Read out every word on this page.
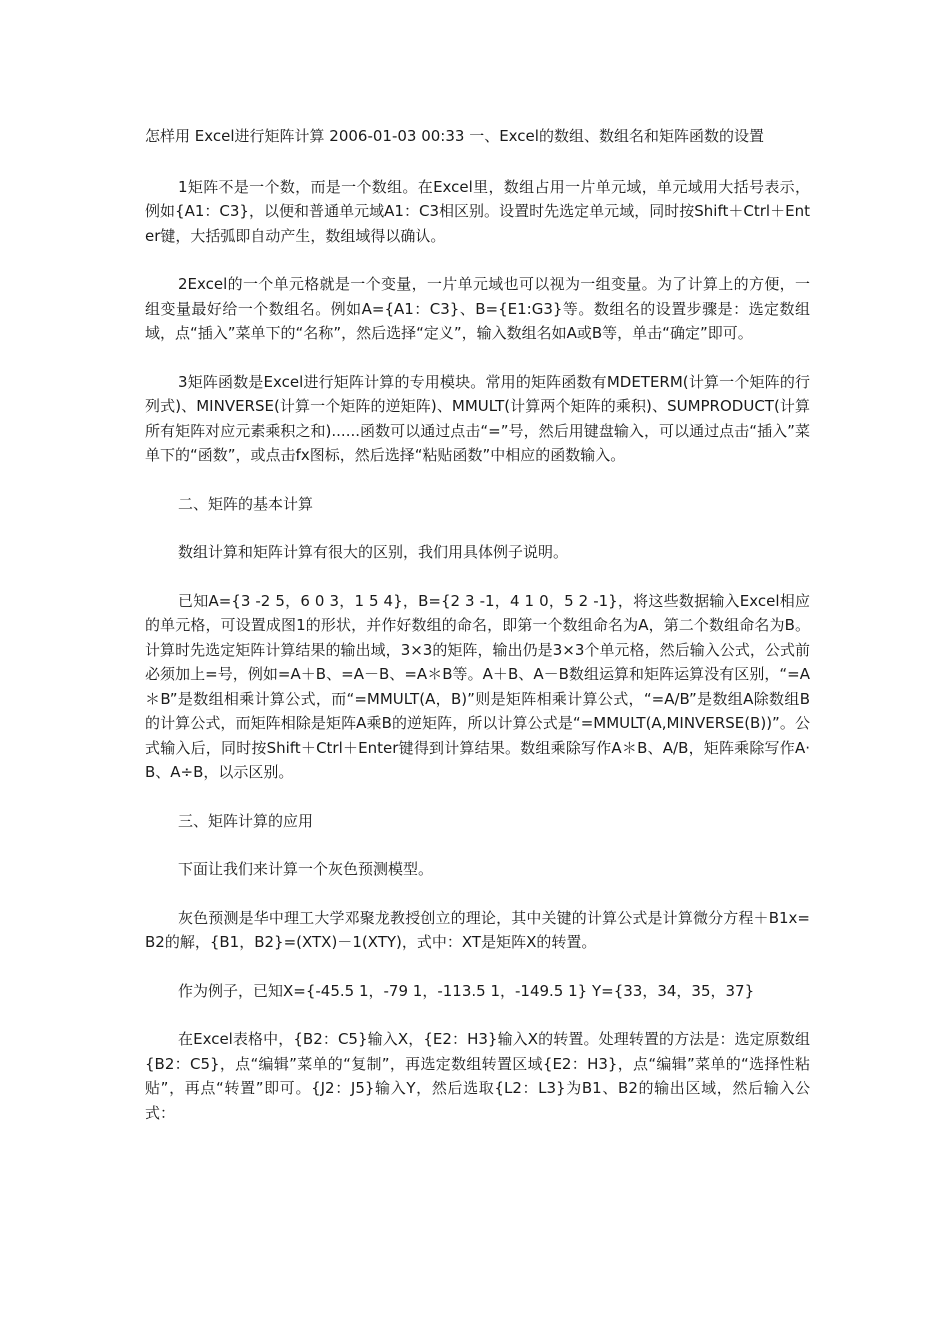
怎样用 Excel进行矩阵计算 2006-01-03 00:33 一、Excel的数组、数组名和矩阵函数的设置

1矩阵不是一个数，而是一个数组。在Excel里，数组占用一片单元域，单元域用大括号表示，例如{A1：C3}，以便和普通单元域A1：C3相区别。设置时先选定单元域，同时按Shift＋Ctrl＋Enter键，大括弧即自动产生，数组域得以确认。

2Excel的一个单元格就是一个变量，一片单元域也可以视为一组变量。为了计算上的方便，一组变量最好给一个数组名。例如A={A1：C3}、B={E1:G3}等。数组名的设置步骤是：选定数组域，点“插入”菜单下的“名称”，然后选择“定义”，输入数组名如A或B等，单击“确定”即可。

3矩阵函数是Excel进行矩阵计算的专用模块。常用的矩阵函数有MDETERM(计算一个矩阵的行列式)、MINVERSE(计算一个矩阵的逆矩阵)、MMULT(计算两个矩阵的乘积)、SUMPRODUCT(计算所有矩阵对应元素乘积之和)......函数可以通过点击“=”号，然后用键盘输入，可以通过点击“插入”菜单下的“函数”，或点击fx图标，然后选择“粘贴函数”中相应的函数输入。

二、矩阵的基本计算

数组计算和矩阵计算有很大的区别，我们用具体例子说明。

已知A={3 -2 5，6 0 3，1 5 4}，B={2 3 -1，4 1 0，5 2 -1}，将这些数据输入Excel相应的单元格，可设置成图1的形状，并作好数组的命名，即第一个数组命名为A，第二个数组命名为B。计算时先选定矩阵计算结果的输出域，3×3的矩阵，输出仍是3×3个单元格，然后输入公式，公式前必须加上=号，例如=A＋B、=A－B、=A＊B等。A＋B、A－B数组运算和矩阵运算没有区别，“=A＊B”是数组相乘计算公式，而“=MMULT(A，B)”则是矩阵相乘计算公式，“=A/B”是数组A除数组B的计算公式，而矩阵相除是矩阵A乘B的逆矩阵，所以计算公式是“=MMULT(A,MINVERSE(B))”。公式输入后，同时按Shift＋Ctrl＋Enter键得到计算结果。数组乘除写作A＊B、A/B，矩阵乘除写作A·B、A÷B，以示区别。

三、矩阵计算的应用

下面让我们来计算一个灰色预测模型。

灰色预测是华中理工大学邓聚龙教授创立的理论，其中关键的计算公式是计算微分方程＋B1x=B2的解，{B1，B2}=(XTX)－1(XTY)，式中：XT是矩阵X的转置。

作为例子，已知X={-45.5 1，-79 1，-113.5 1，-149.5 1} Y={33，34，35，37}

在Excel表格中，{B2：C5}输入X，{E2：H3}输入X的转置。处理转置的方法是：选定原数组{B2：C5}，点“编辑”菜单的“复制”，再选定数组转置区域{E2：H3}，点“编辑”菜单的“选择性粘贴”，再点“转置”即可。{J2：J5}输入Y，然后选取{L2：L3}为B1、B2的输出区域，然后输入公式：
